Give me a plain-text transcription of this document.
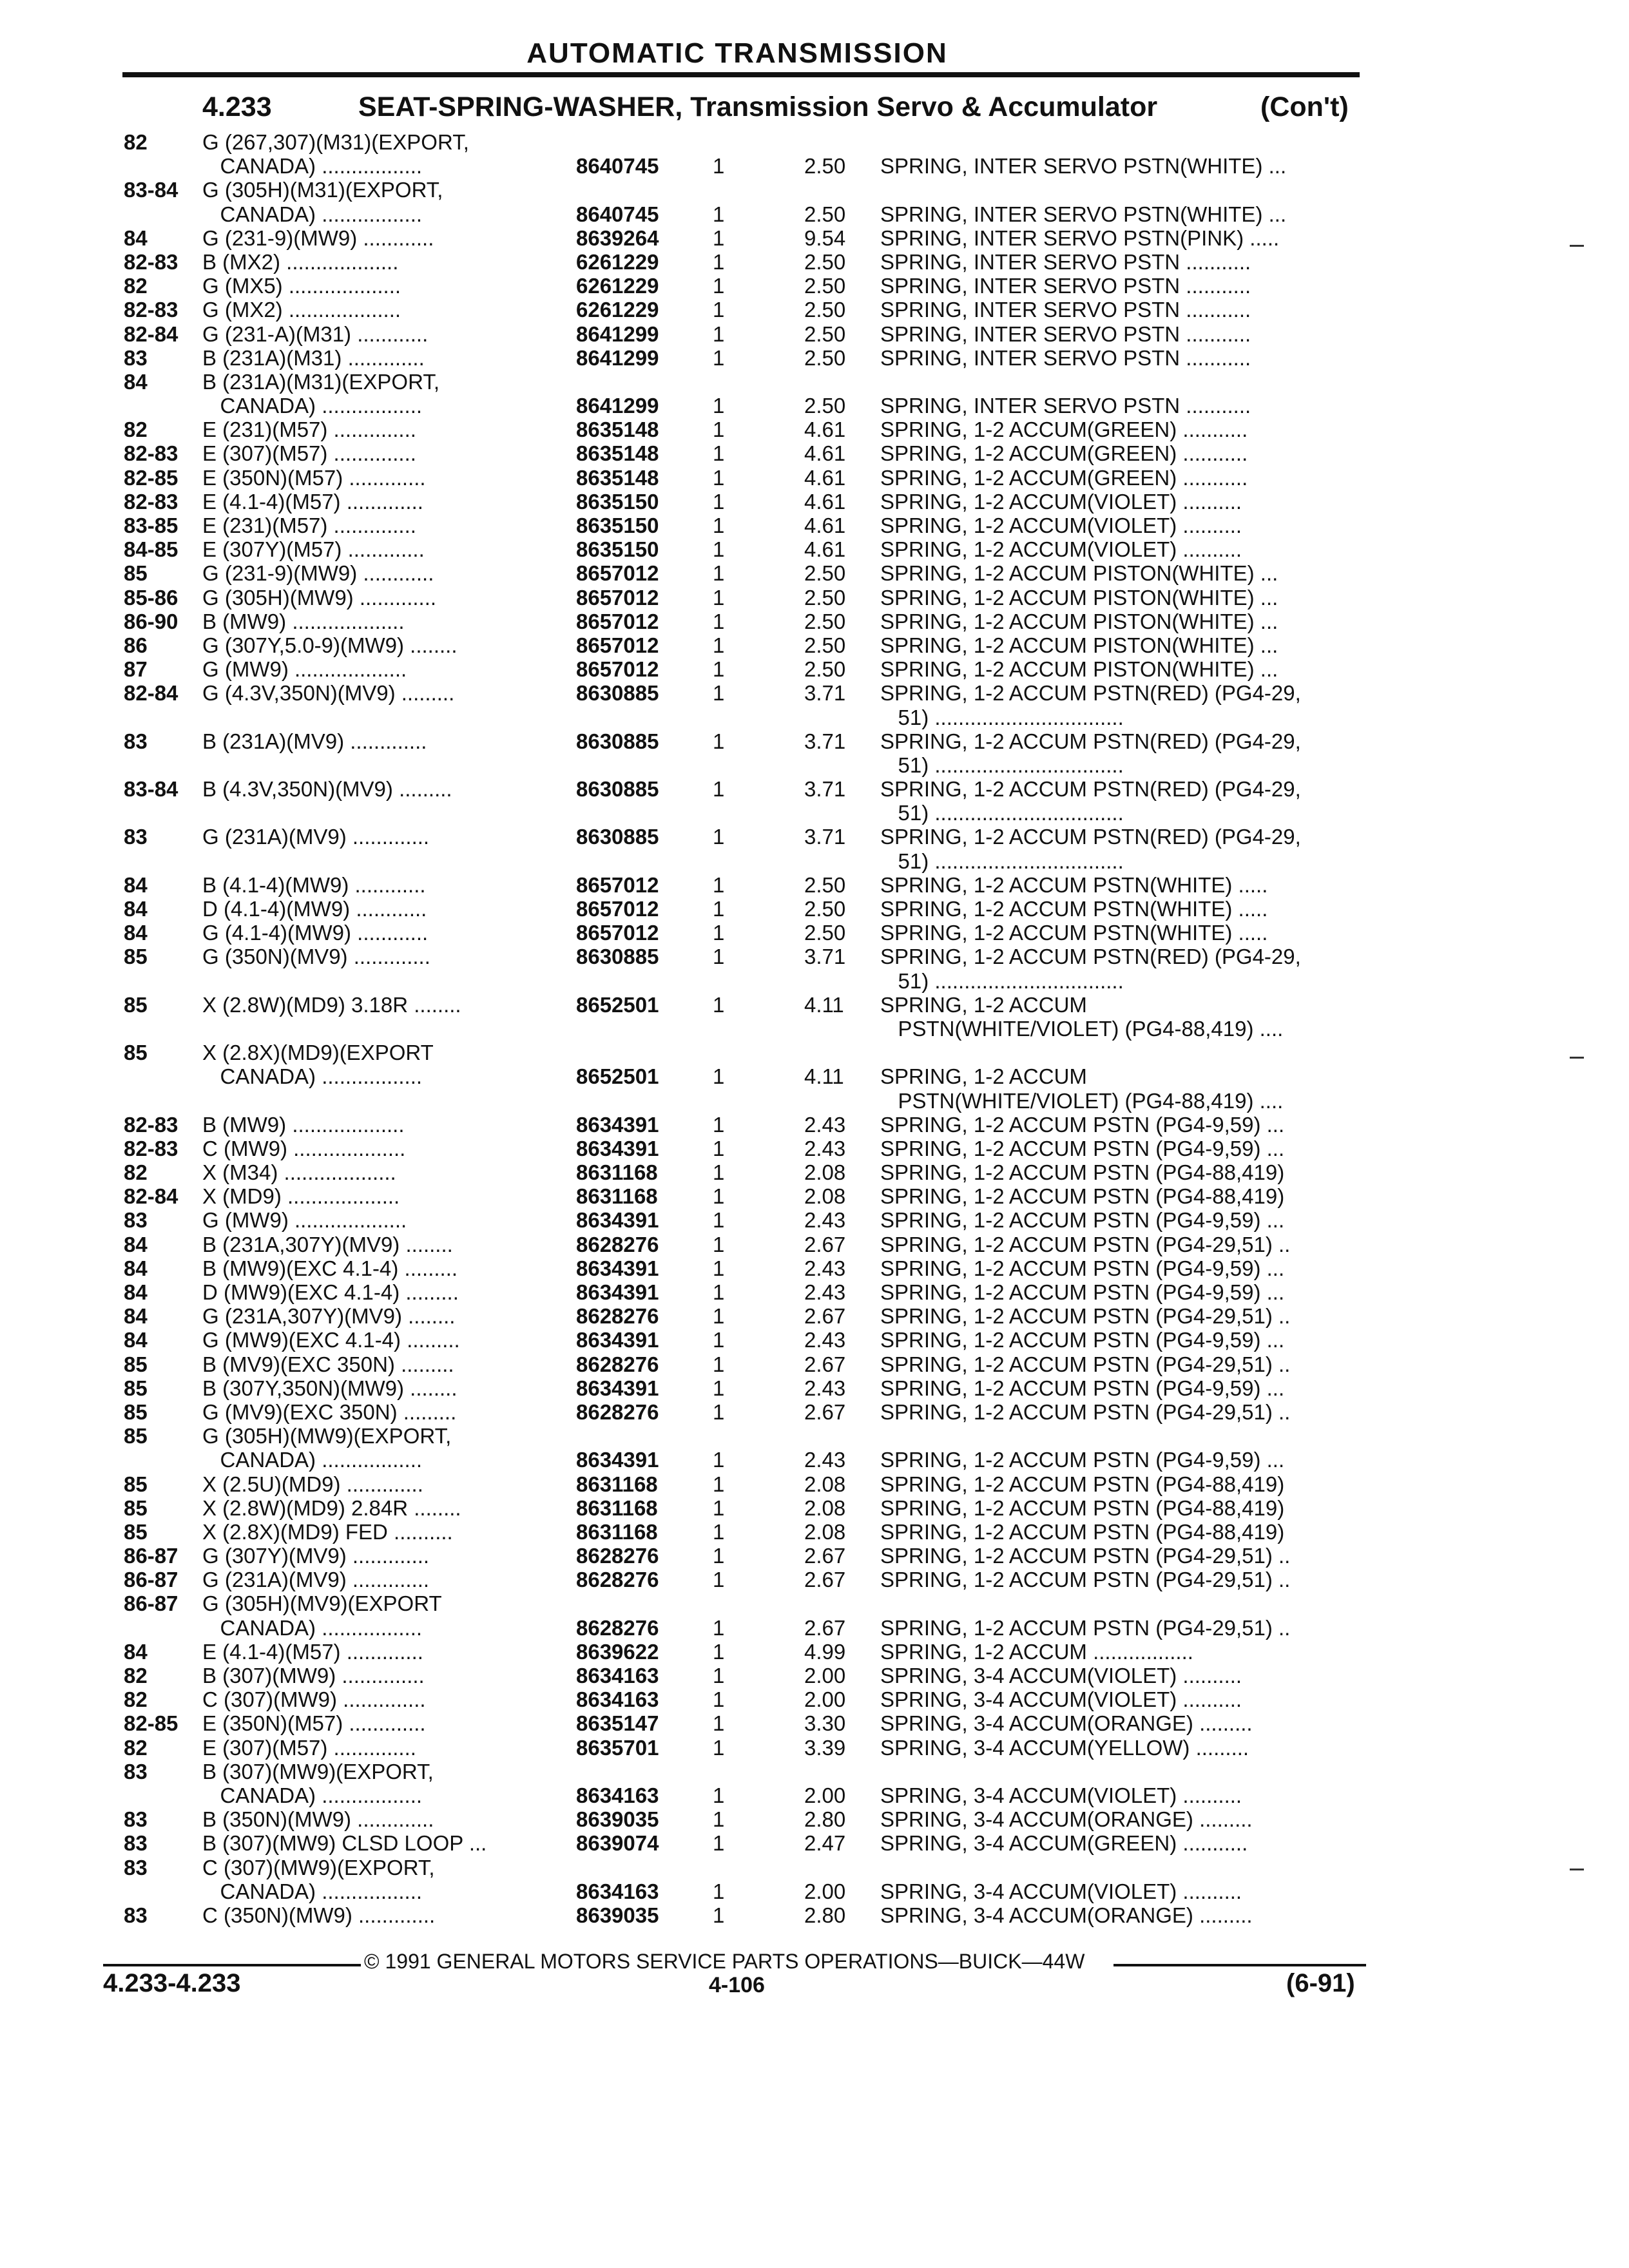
AUTOMATIC TRANSMISSION
4.233	SEAT-SPRING-WASHER, Transmission Servo & Accumulator	(Con't)
82	G (267,307)(M31)(EXPORT,
CANADA) .................	8640745	1	2.50 SPRING, INTER SERVO PSTN(WHITE) ...
83-84 G (305H)(M31)(EXPORT,
CANADA) .................	8640745	1	2.50 SPRING, INTER SERVO PSTN(WHITE) ...
84	G (231-9)(MW9) ............	8639264	1	9.54 SPRING, INTER SERVO PSTN(PINK) .....
82-83 B (MX2) ...................	6261229	1	2.50 SPRING, INTER SERVO PSTN ...........
82	G (MX5) ...................	6261229	1	2.50 SPRING, INTER SERVO PSTN ...........
82-83 G (MX2) ...................	6261229	1	2.50 SPRING, INTER SERVO PSTN ...........
82-84 G (231-A)(M31) ............	8641299	1	2.50 SPRING, INTER SERVO PSTN ...........
83	B (231A)(M31) .............	8641299	1	2.50 SPRING, INTER SERVO PSTN ...........
84	B (231A)(M31)(EXPORT,
CANADA) .................	8641299	1	2.50 SPRING, INTER SERVO PSTN ...........
82	E (231)(M57) ..............	8635148	1	4.61 SPRING, 1-2 ACCUM(GREEN) ...........
82-83 E (307)(M57) ..............	8635148	1	4.61 SPRING, 1-2 ACCUM(GREEN) ...........
82-85 E (350N)(M57) .............	8635148	1	4.61 SPRING, 1-2 ACCUM(GREEN) ...........
82-83 E (4.1-4)(M57) .............	8635150	1	4.61 SPRING, 1-2 ACCUM(VIOLET) ..........
83-85 E (231)(M57) ..............	8635150	1	4.61 SPRING, 1-2 ACCUM(VIOLET) ..........
84-85 E (307Y)(M57) .............	8635150	1	4.61 SPRING, 1-2 ACCUM(VIOLET) ..........
85	G (231-9)(MW9) ............	8657012	1	2.50 SPRING, 1-2 ACCUM PISTON(WHITE) ...
85-86 G (305H)(MW9) .............	8657012	1	2.50 SPRING, 1-2 ACCUM PISTON(WHITE) ...
86-90 B (MW9) ...................	8657012	1	2.50 SPRING, 1-2 ACCUM PISTON(WHITE) ...
86	G (307Y,5.0-9)(MW9) ........	8657012	1	2.50 SPRING, 1-2 ACCUM PISTON(WHITE) ...
87	G (MW9) ...................	8657012	1	2.50 SPRING, 1-2 ACCUM PISTON(WHITE) ...
82-84 G (4.3V,350N)(MV9) .........	8630885	1	3.71 SPRING, 1-2 ACCUM PSTN(RED) (PG4-29,
51) ................................
83	B (231A)(MV9) .............	8630885	1	3.71 SPRING, 1-2 ACCUM PSTN(RED) (PG4-29,
51) ................................
83-84 B (4.3V,350N)(MV9) .........	8630885	1	3.71 SPRING, 1-2 ACCUM PSTN(RED) (PG4-29,
51) ................................
83	G (231A)(MV9) .............	8630885	1	3.71 SPRING, 1-2 ACCUM PSTN(RED) (PG4-29,
51) ................................
84	B (4.1-4)(MW9) ............	8657012	1	2.50 SPRING, 1-2 ACCUM PSTN(WHITE) .....
84	D (4.1-4)(MW9) ............	8657012	1	2.50 SPRING, 1-2 ACCUM PSTN(WHITE) .....
84	G (4.1-4)(MW9) ............	8657012	1	2.50 SPRING, 1-2 ACCUM PSTN(WHITE) .....
85	G (350N)(MV9) .............	8630885	1	3.71 SPRING, 1-2 ACCUM PSTN(RED) (PG4-29,
51) ................................
85	X (2.8W)(MD9) 3.18R ........	8652501	1	4.11 SPRING, 1-2 ACCUM
PSTN(WHITE/VIOLET) (PG4-88,419) ....
85	X (2.8X)(MD9)(EXPORT
CANADA) .................	8652501	1	4.11 SPRING, 1-2 ACCUM
PSTN(WHITE/VIOLET) (PG4-88,419) ....
82-83 B (MW9) ...................	8634391	1	2.43 SPRING, 1-2 ACCUM PSTN (PG4-9,59) ...
82-83 C (MW9) ...................	8634391	1	2.43 SPRING, 1-2 ACCUM PSTN (PG4-9,59) ...
82	X (M34) ...................	8631168	1	2.08 SPRING, 1-2 ACCUM PSTN (PG4-88,419)
82-84 X (MD9) ...................	8631168	1	2.08 SPRING, 1-2 ACCUM PSTN (PG4-88,419)
83	G (MW9) ...................	8634391	1	2.43 SPRING, 1-2 ACCUM PSTN (PG4-9,59) ...
84	B (231A,307Y)(MV9) ........	8628276	1	2.67 SPRING, 1-2 ACCUM PSTN (PG4-29,51) ..
84	B (MW9)(EXC 4.1-4) .........	8634391	1	2.43 SPRING, 1-2 ACCUM PSTN (PG4-9,59) ...
84	D (MW9)(EXC 4.1-4) .........	8634391	1	2.43 SPRING, 1-2 ACCUM PSTN (PG4-9,59) ...
84	G (231A,307Y)(MV9) ........	8628276	1	2.67 SPRING, 1-2 ACCUM PSTN (PG4-29,51) ..
84	G (MW9)(EXC 4.1-4) .........	8634391	1	2.43 SPRING, 1-2 ACCUM PSTN (PG4-9,59) ...
85	B (MV9)(EXC 350N) .........	8628276	1	2.67 SPRING, 1-2 ACCUM PSTN (PG4-29,51) ..
85	B (307Y,350N)(MW9) ........	8634391	1	2.43 SPRING, 1-2 ACCUM PSTN (PG4-9,59) ...
85	G (MV9)(EXC 350N) .........	8628276	1	2.67 SPRING, 1-2 ACCUM PSTN (PG4-29,51) ..
85	G (305H)(MW9)(EXPORT,
CANADA) .................	8634391	1	2.43 SPRING, 1-2 ACCUM PSTN (PG4-9,59) ...
85	X (2.5U)(MD9) .............	8631168	1	2.08 SPRING, 1-2 ACCUM PSTN (PG4-88,419)
85	X (2.8W)(MD9) 2.84R ........	8631168	1	2.08 SPRING, 1-2 ACCUM PSTN (PG4-88,419)
85	X (2.8X)(MD9) FED ..........	8631168	1	2.08 SPRING, 1-2 ACCUM PSTN (PG4-88,419)
86-87 G (307Y)(MV9) .............	8628276	1	2.67 SPRING, 1-2 ACCUM PSTN (PG4-29,51) ..
86-87 G (231A)(MV9) .............	8628276	1	2.67 SPRING, 1-2 ACCUM PSTN (PG4-29,51) ..
86-87 G (305H)(MV9)(EXPORT
CANADA) .................	8628276	1	2.67 SPRING, 1-2 ACCUM PSTN (PG4-29,51) ..
84	E (4.1-4)(M57) .............	8639622	1	4.99 SPRING, 1-2 ACCUM .................
82	B (307)(MW9) ..............	8634163	1	2.00 SPRING, 3-4 ACCUM(VIOLET) ..........
82	C (307)(MW9) ..............	8634163	1	2.00 SPRING, 3-4 ACCUM(VIOLET) ..........
82-85 E (350N)(M57) .............	8635147	1	3.30 SPRING, 3-4 ACCUM(ORANGE) .........
82	E (307)(M57) ..............	8635701	1	3.39 SPRING, 3-4 ACCUM(YELLOW) .........
83	B (307)(MW9)(EXPORT,
CANADA) .................	8634163	1	2.00 SPRING, 3-4 ACCUM(VIOLET) ..........
83	B (350N)(MW9) .............	8639035	1	2.80 SPRING, 3-4 ACCUM(ORANGE) .........
83	B (307)(MW9) CLSD LOOP ...	8639074	1	2.47 SPRING, 3-4 ACCUM(GREEN) ...........
83	C (307)(MW9)(EXPORT,
CANADA) .................	8634163	1	2.00 SPRING, 3-4 ACCUM(VIOLET) ..........
83	C (350N)(MW9) .............	8639035	1	2.80 SPRING, 3-4 ACCUM(ORANGE) .........
© 1991 GENERAL MOTORS SERVICE PARTS OPERATIONS—BUICK—44W
4.233-4.233	4-106	(6-91)
